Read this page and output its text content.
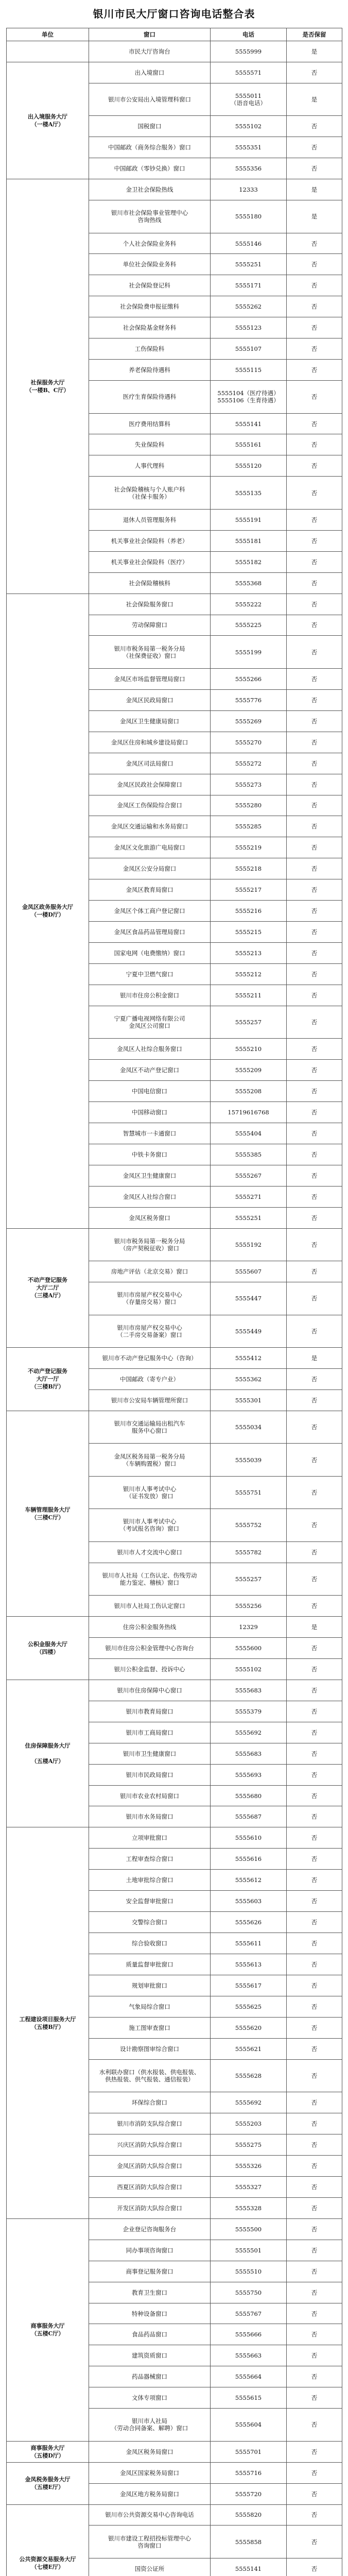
银川市民大厅窗口咨询电话整合表
单位	窗口	电话	是否保留
	市民大厅咨询台	5555999	是
出入境服务大厅
（一楼A厅）	出入境窗口	5555571	否
	银川市公安局出入境管理科窗口	5555011
（语音电话）	是
	国税窗口	5555102	否
	中国邮政（商务综合服务）窗口	5555351	否
	中国邮政（零钞兑换）窗口	5555356	否
社保服务大厅
（一楼B、C厅）	金卫社会保险热线	12333	是
	银川市社会保险事业管理中心
咨询热线	5555180	是
	个人社会保险业务科	5555146	否
	单位社会保险业务科	5555251	否
	社会保险登记科	5555171	否
	社会保险费申报征缴科	5555262	否
	社会保险基金财务科	5555123	否
	工伤保险科	5555107	否
	养老保险待遇科	5555115	否
	医疗生育保险待遇科	5555104（医疗待遇）
5555106（生育待遇）	否
	医疗费用结算科	5555141	否
	失业保险科	5555161	否
	人事代理科	5555120	否
	社会保险稽核与个人账户科
（社保卡服务）	5555135	否
	退休人员管理服务科	5555191	否
	机关事业社会保险科（养老）	5555181	否
	机关事业社会保险科（医疗）	5555182	否
	社会保险稽核科	5555368	否
金凤区政务服务大厅
（一楼D厅）	社会保险服务窗口	5555222	否
	劳动保障窗口	5555225	否
	银川市税务局第一税务分局
（社保费征收）窗口	5555199	否
	金凤区市场监督管理局窗口	5555266	否
	金凤区民政局窗口	5555776	否
	金凤区卫生健康局窗口	5555269	否
	金凤区住房和城乡建设局窗口	5555270	否
	金凤区司法局窗口	5555272	否
	金凤区民政社会保障窗口	5555273	否
	金凤区工伤保险综合窗口	5555280	否
	金凤区交通运输和水务局窗口	5555285	否
	金凤区文化旅游广电局窗口	5555219	否
	金凤区公安分局窗口	5555218	否
	金凤区教育局窗口	5555217	否
	金凤区个体工商户登记窗口	5555216	否
	金凤区食品药品管理局窗口	5555215	否
	国家电网（电费缴纳）窗口	5555213	否
	宁夏中卫燃气窗口	5555212	否
	银川市住房公积金窗口	5555211	否
	宁夏广播电视网络有限公司
金凤区公司窗口	5555257	否
	金凤区人社综合服务窗口	5555210	否
	金凤区不动产登记窗口	5555209	否
	中国电信窗口	5555208	否
	中国移动窗口	15719616768	否
	智慧城市一卡通窗口	5555404	否
	中铁卡务窗口	5555385	否
	金凤区卫生健康窗口	5555267	否
	金凤区人社综合窗口	5555271	否
	金凤区税务窗口	5555251	否
不动产登记服务
大厅二厅
（三楼A厅）	银川市税务局第一税务分局
（房产契税征收）窗口	5555192	否
	房地产评估（北京交易）窗口	5555607	否
	银川市房屋产权交易中心
（存量房交易）窗口	5555447	否
	银川市房屋产权交易中心
（二手房交易备案）窗口	5555449	否
不动产登记服务
大厅一厅
（三楼B厅）	银川市不动产登记服务中心（咨询）	5555412	是
	中国邮政（寄专户业）	5555362	否
	银川市公安局车辆管理所窗口	5555301	否
车辆管理服务大厅
（三楼C厅）	银川市交通运输局出租汽车
服务中心窗口	5555034	否
	金凤区税务局第一税务分局
（车辆购置税）窗口	5555039	否
	银川市人事考试中心
（证书发放）窗口	5555751	否
	银川市人事考试中心
（考试报名咨询）窗口	5555752	否
	银川市人才交流中心窗口	5555782	否
	银川市人社局（工伤认定、伤残劳动
能力鉴定、稽核）窗口	5555257	否
	银川市人社局工伤认定窗口	5555256	否
公积金服务大厅
（四楼）	住房公积金服务热线	12329	是
	银川市住房公积金管理中心咨询台	5555600	否
	银川公积金监督、投诉中心	5555102	否
住房保障服务大厅

（五楼A厅）	银川市住房保障中心窗口	5555683	否
	银川市教育局窗口	5555379	否
	银川市工商局窗口	5555692	否
	银川市卫生健康窗口	5555683	否
	银川市民政局窗口	5555693	否
	银川市农业农村局窗口	5555680	否
	银川市水务局窗口	5555687	否
工程建设项目服务大厅
（五楼B厅）	立项审批窗口	5555610	否
	工程审查综合窗口	5555616	否
	土地审批综合窗口	5555612	否
	安全监督审批窗口	5555603	否
	交警综合窗口	5555626	否
	综合验收窗口	5555611	否
	质量监督审批窗口	5555613	否
	规划审批窗口	5555617	否
	气象局综合窗口	5555625	否
	施工图审查窗口	5555620	否
	设计勘察图审综合窗口	5555621	否
	水利联办窗口（供水报装、供电报装、
供热报装、供气报装、通信报装）	5555628	否
	环保综合窗口	5555692	否
	银川市消防支队综合窗口	5555203	否
	兴庆区消防大队综合窗口	5555275	否
	金凤区消防大队综合窗口	5555326	否
	西夏区消防大队综合窗口	5555327	否
	开发区消防大队综合窗口	5555328	否
商事服务大厅
（五楼C厅）	企业登记咨询服务台	5555500	否
	同办事项咨询窗口	5555501	否
	商事登记服务窗口	5555510	否
	教育卫生窗口	5555750	否
	特种设备窗口	5555767	否
	食品药品窗口	5555666	否
	建筑资质窗口	5555663	否
	药品器械窗口	5555664	否
	文体专项窗口	5555615	否
	银川市人社局
（劳动合同备案、解聘）窗口	5555604	否
商事服务大厅
（五楼D厅）	金凤区税务局窗口	5555701	否
金凤税务服务大厅
（五楼E厅）	金凤区国家税务局窗口	5555716	否
	金凤区地方税务局窗口	5555720	否
公共资源交易服务大厅
（七楼E厅）	银川市公共资源交易中心咨询电话	5555820	否
	银川市建设工程招投标管理中心
咨询窗口	5555858	否
	国资公证所	5555141	否
